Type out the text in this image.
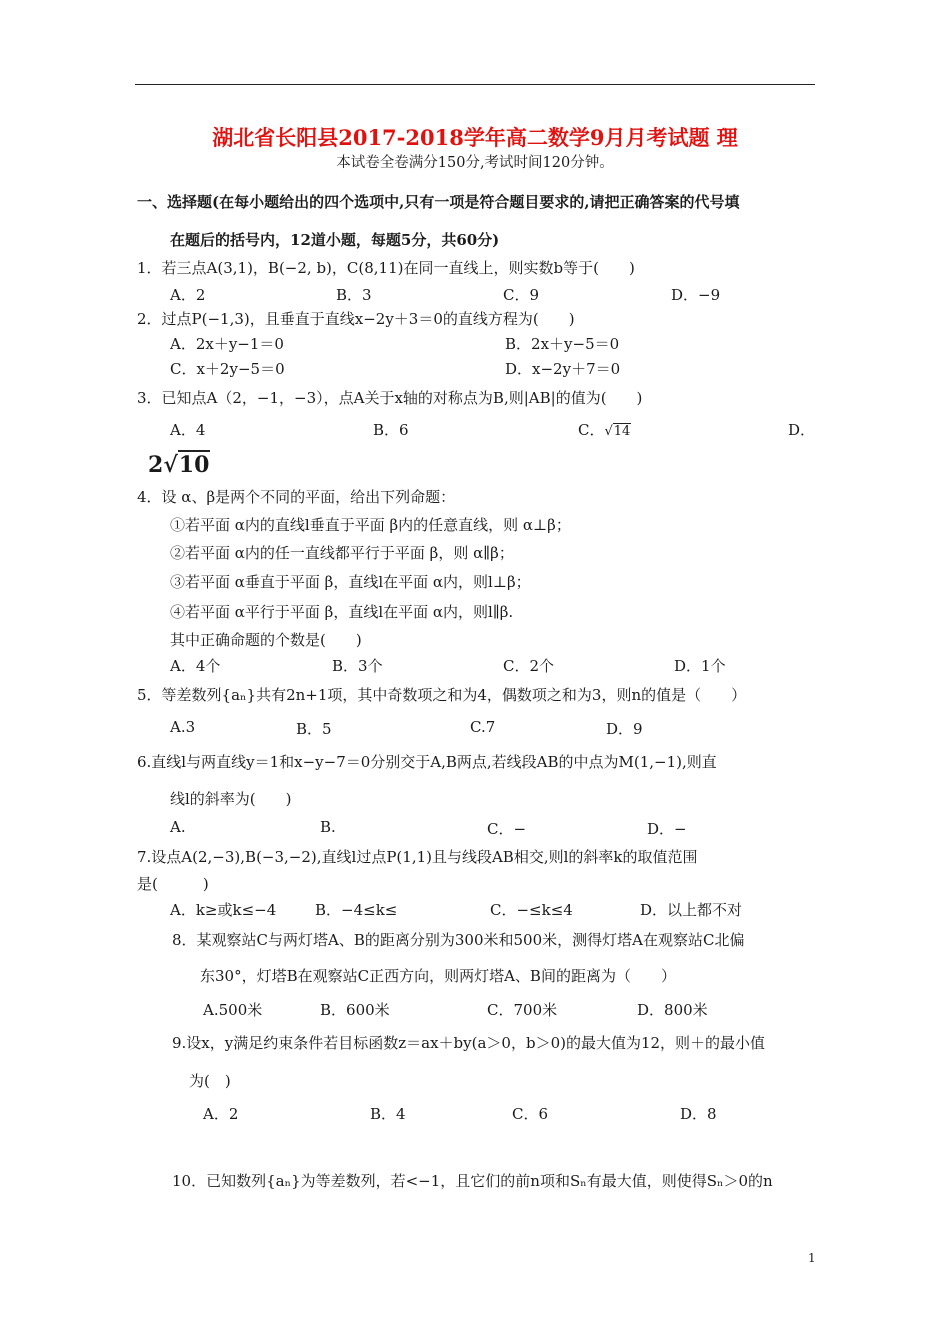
湖北省长阳县2017-2018学年高二数学9月月考试题 理
本试卷全卷满分150分,考试时间120分钟。
一、选择题(在每小题给出的四个选项中,只有一项是符合题目要求的,请把正确答案的代号填
在题后的括号内，12道小题，每题5分，共60分)
1．若三点A(3,1)，B(−2, b)，C(8,11)在同一直线上，则实数b等于(　　)
A．2	B．3	C．9	D．−9
2．过点P(−1,3)，且垂直于直线x−2y＋3＝0的直线方程为(　　)
A．2x＋y−1＝0	B．2x＋y−5＝0
C．x＋2y−5＝0	D．x−2y＋7＝0
3．已知点A（2，−1，−3），点A关于x轴的对称点为B,则|AB|的值为(　　)
A．4	B．6	C．√14	D．
2√10
4．设 α、β是两个不同的平面，给出下列命题：
①若平面 α内的直线l垂直于平面 β内的任意直线，则 α⊥β；
②若平面 α内的任一直线都平行于平面 β，则 α∥β；
③若平面 α垂直于平面 β，直线l在平面 α内，则l⊥β；
④若平面 α平行于平面 β，直线l在平面 α内，则l∥β.
其中正确命题的个数是(　　)
A．4个	B．3个	C．2个	D．1个
5．等差数列{aₙ}共有2n+1项，其中奇数项之和为4，偶数项之和为3，则n的值是（　　）
A.3	B．5	C.7	D．9
6.直线l与两直线y＝1和x−y−7＝0分别交于A,B两点,若线段AB的中点为M(1,−1),则直
线l的斜率为(　　)
A.	B.	C．−	D．−
7.设点A(2,−3),B(−3,−2),直线l过点P(1,1)且与线段AB相交,则l的斜率k的取值范围
是(　　　)
A．k≥或k≤−4	B．−4≤k≤	C．−≤k≤4	D．以上都不对
8．某观察站C与两灯塔A、B的距离分别为300米和500米，测得灯塔A在观察站C北偏
东30°，灯塔B在观察站C正西方向，则两灯塔A、B间的距离为（　　）
A.500米	B．600米	C．700米	D．800米
9.设x，y满足约束条件若目标函数z＝ax＋by(a＞0，b＞0)的最大值为12，则＋的最小值
为(　)
A．2	B．4	C．6	D．8
10．已知数列{aₙ}为等差数列，若<−1，且它们的前n项和Sₙ有最大值，则使得Sₙ＞0的n
1
